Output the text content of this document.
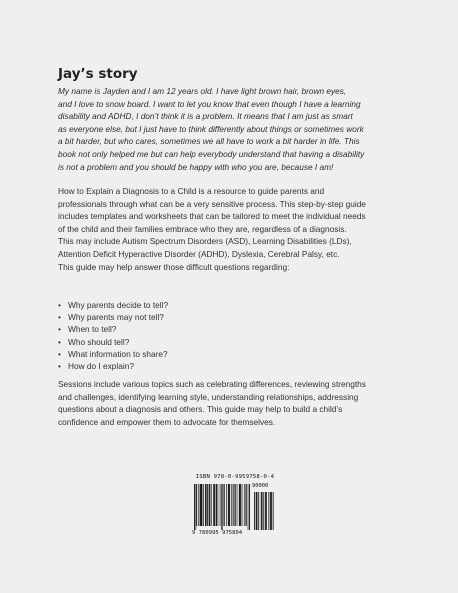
Jay’s story

My name is Jayden and I am 12 years old. I have light brown hair, brown eyes,
and I love to snow board. I want to let you know that even though I have a learning
disability and ADHD, I don’t think it is a problem. It means that I am just as smart
as everyone else, but I just have to think differently about things or sometimes work
a bit harder, but who cares, sometimes we all have to work a bit harder in life. This
book not only helped me but can help everybody understand that having a disability
is not a problem and you should be happy with who you are, because I am!

How to Explain a Diagnosis to a Child is a resource to guide parents and
professionals through what can be a very sensitive process. This step-by-step guide
includes templates and worksheets that can be tailored to meet the individual needs
of the child and their families embrace who they are, regardless of a diagnosis.
This may include Autism Spectrum Disorders (ASD), Learning Disabilities (LDs),
Attention Deficit Hyperactive Disorder (ADHD), Dyslexia, Cerebral Palsy, etc.
This guide may help answer those difficult questions regarding:

• Why parents decide to tell?
• Why parents may not tell?
• When to tell?
• Who should tell?
• What information to share?
• How do I explain?

Sessions include various topics such as celebrating differences, reviewing strengths
and challenges, identifying learning style, understanding relationships, addressing
questions about a diagnosis and others. This guide may help to build a child’s
confidence and empower them to advocate for themselves.

ISBN 978-0-9959758-0-4
90000
9 780995 975804
